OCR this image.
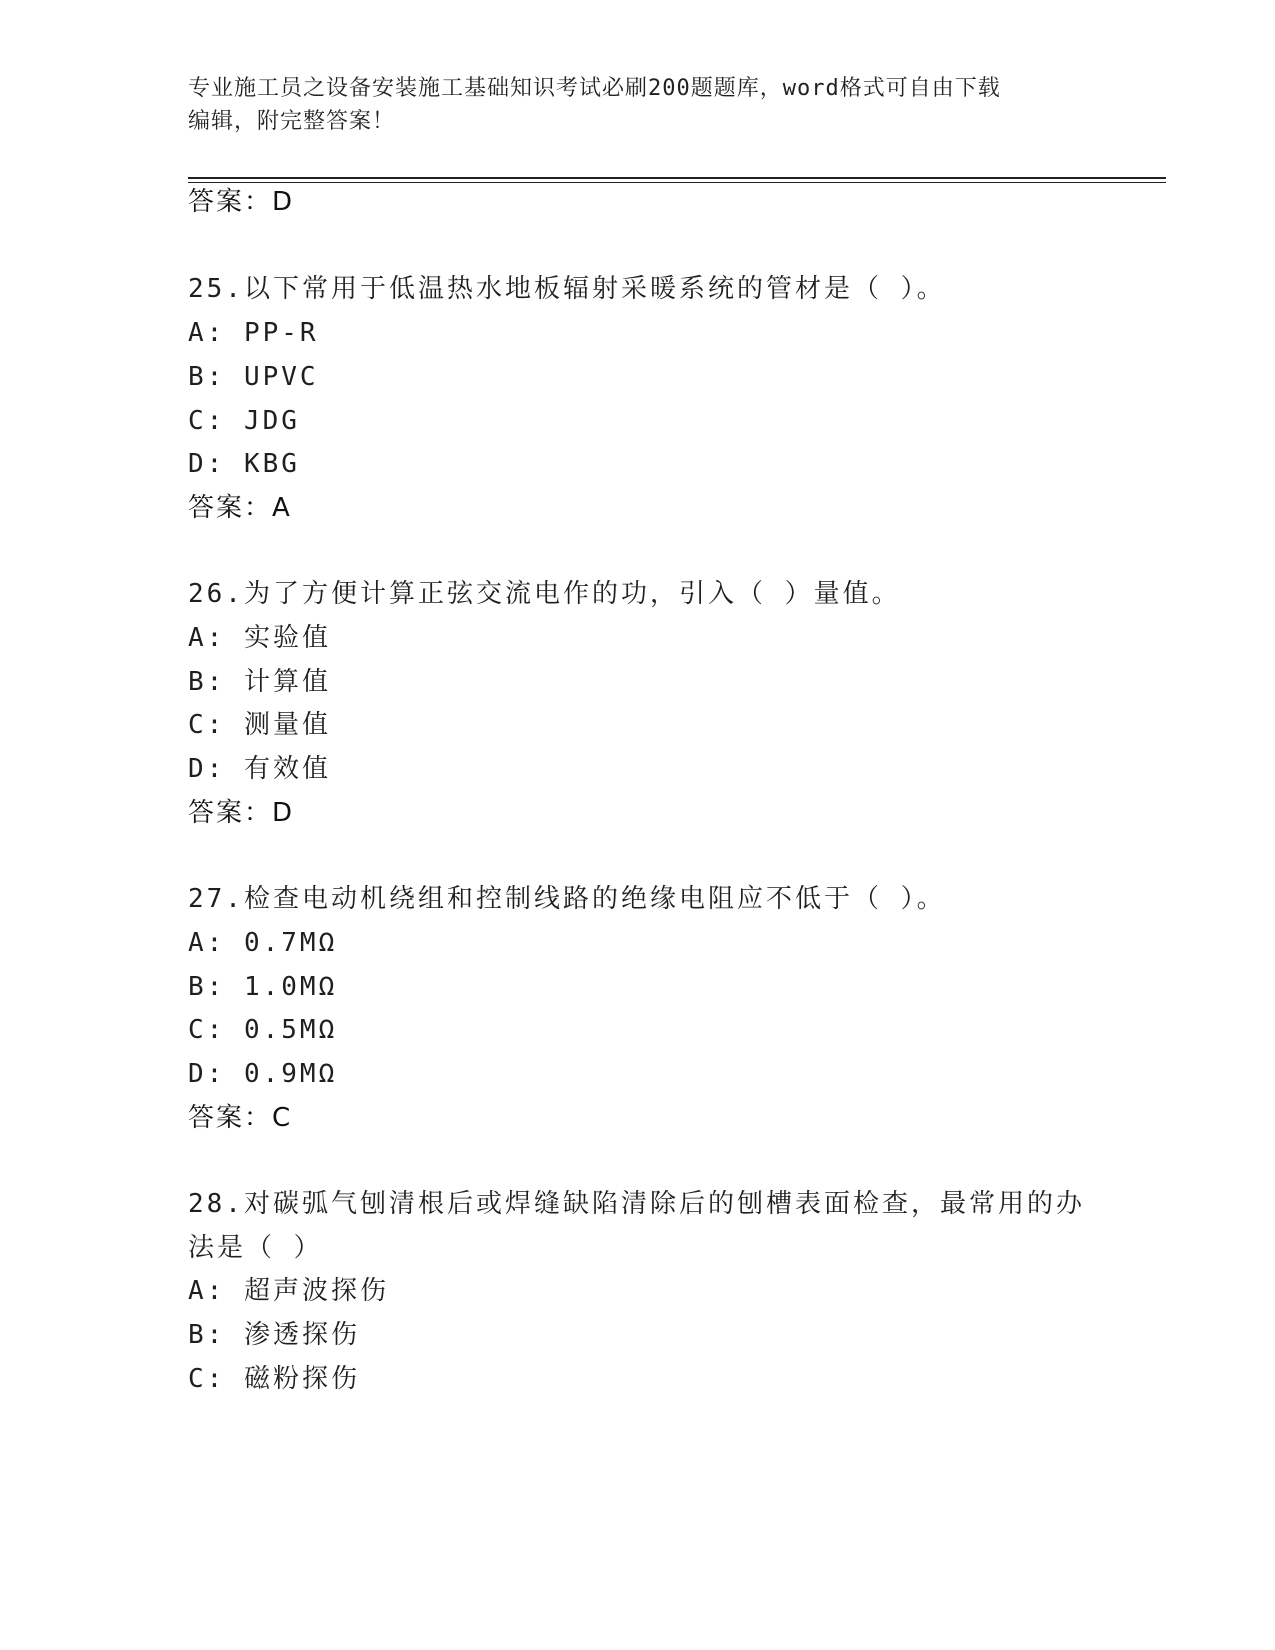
专业施工员之设备安装施工基础知识考试必刷200题题库，word格式可自由下载
编辑，附完整答案！
答案：D
25.以下常用于低温热水地板辐射采暖系统的管材是（ ）。
A: PP-R
B: UPVC
C: JDG
D: KBG
答案：A
26.为了方便计算正弦交流电作的功，引入（ ）量值。
A: 实验值
B: 计算值
C: 测量值
D: 有效值
答案：D
27.检查电动机绕组和控制线路的绝缘电阻应不低于（ ）。
A: 0.7MΩ
B: 1.0MΩ
C: 0.5MΩ
D: 0.9MΩ
答案：C
28.对碳弧气刨清根后或焊缝缺陷清除后的刨槽表面检查，最常用的办
法是（ ）
A: 超声波探伤
B: 渗透探伤
C: 磁粉探伤
